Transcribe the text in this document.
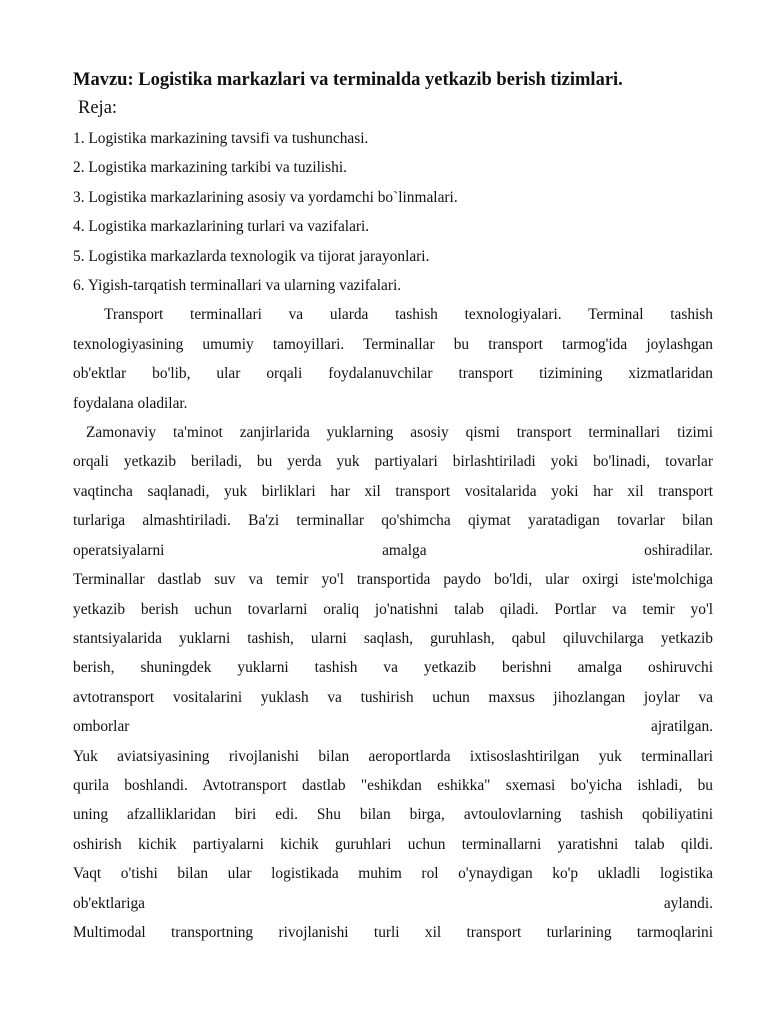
Mavzu: Logistika markazlari va terminalda yetkazib berish tizimlari.
Reja:
1. Logistika markazining tavsifi va tushunchasi.
2. Logistika markazining tarkibi va tuzilishi.
3. Logistika markazlarining asosiy va yordamchi bo`linmalari.
4. Logistika markazlarining turlari va vazifalari.
5. Logistika markazlarda texnologik va tijorat jarayonlari.
6. Yigish-tarqatish terminallari va ularning vazifalari.
Transport terminallari va ularda tashish texnologiyalari. Terminal tashish
texnologiyasining umumiy tamoyillari. Terminallar bu transport tarmog'ida joylashgan
ob'ektlar bo'lib, ular orqali foydalanuvchilar transport tizimining xizmatlaridan
foydalana oladilar.
Zamonaviy ta'minot zanjirlarida yuklarning asosiy qismi transport terminallari tizimi
orqali yetkazib beriladi, bu yerda yuk partiyalari birlashtiriladi yoki bo'linadi, tovarlar
vaqtincha saqlanadi, yuk birliklari har xil transport vositalarida yoki har xil transport
turlariga almashtiriladi. Ba'zi terminallar qo'shimcha qiymat yaratadigan tovarlar bilan
operatsiyalarni amalga oshiradilar.
Terminallar dastlab suv va temir yo'l transportida paydo bo'ldi, ular oxirgi iste'molchiga
yetkazib berish uchun tovarlarni oraliq jo'natishni talab qiladi. Portlar va temir yo'l
stantsiyalarida yuklarni tashish, ularni saqlash, guruhlash, qabul qiluvchilarga yetkazib
berish, shuningdek yuklarni tashish va yetkazib berishni amalga oshiruvchi
avtotransport vositalarini yuklash va tushirish uchun maxsus jihozlangan joylar va
omborlar ajratilgan.
Yuk aviatsiyasining rivojlanishi bilan aeroportlarda ixtisoslashtirilgan yuk terminallari
qurila boshlandi. Avtotransport dastlab "eshikdan eshikka" sxemasi bo'yicha ishladi, bu
uning afzalliklaridan biri edi. Shu bilan birga, avtoulovlarning tashish qobiliyatini
oshirish kichik partiyalarni kichik guruhlari uchun terminallarni yaratishni talab qildi.
Vaqt o'tishi bilan ular logistikada muhim rol o'ynaydigan ko'p ukladli logistika
ob'ektlariga aylandi.
Multimodal transportning rivojlanishi turli xil transport turlarining tarmoqlarini
